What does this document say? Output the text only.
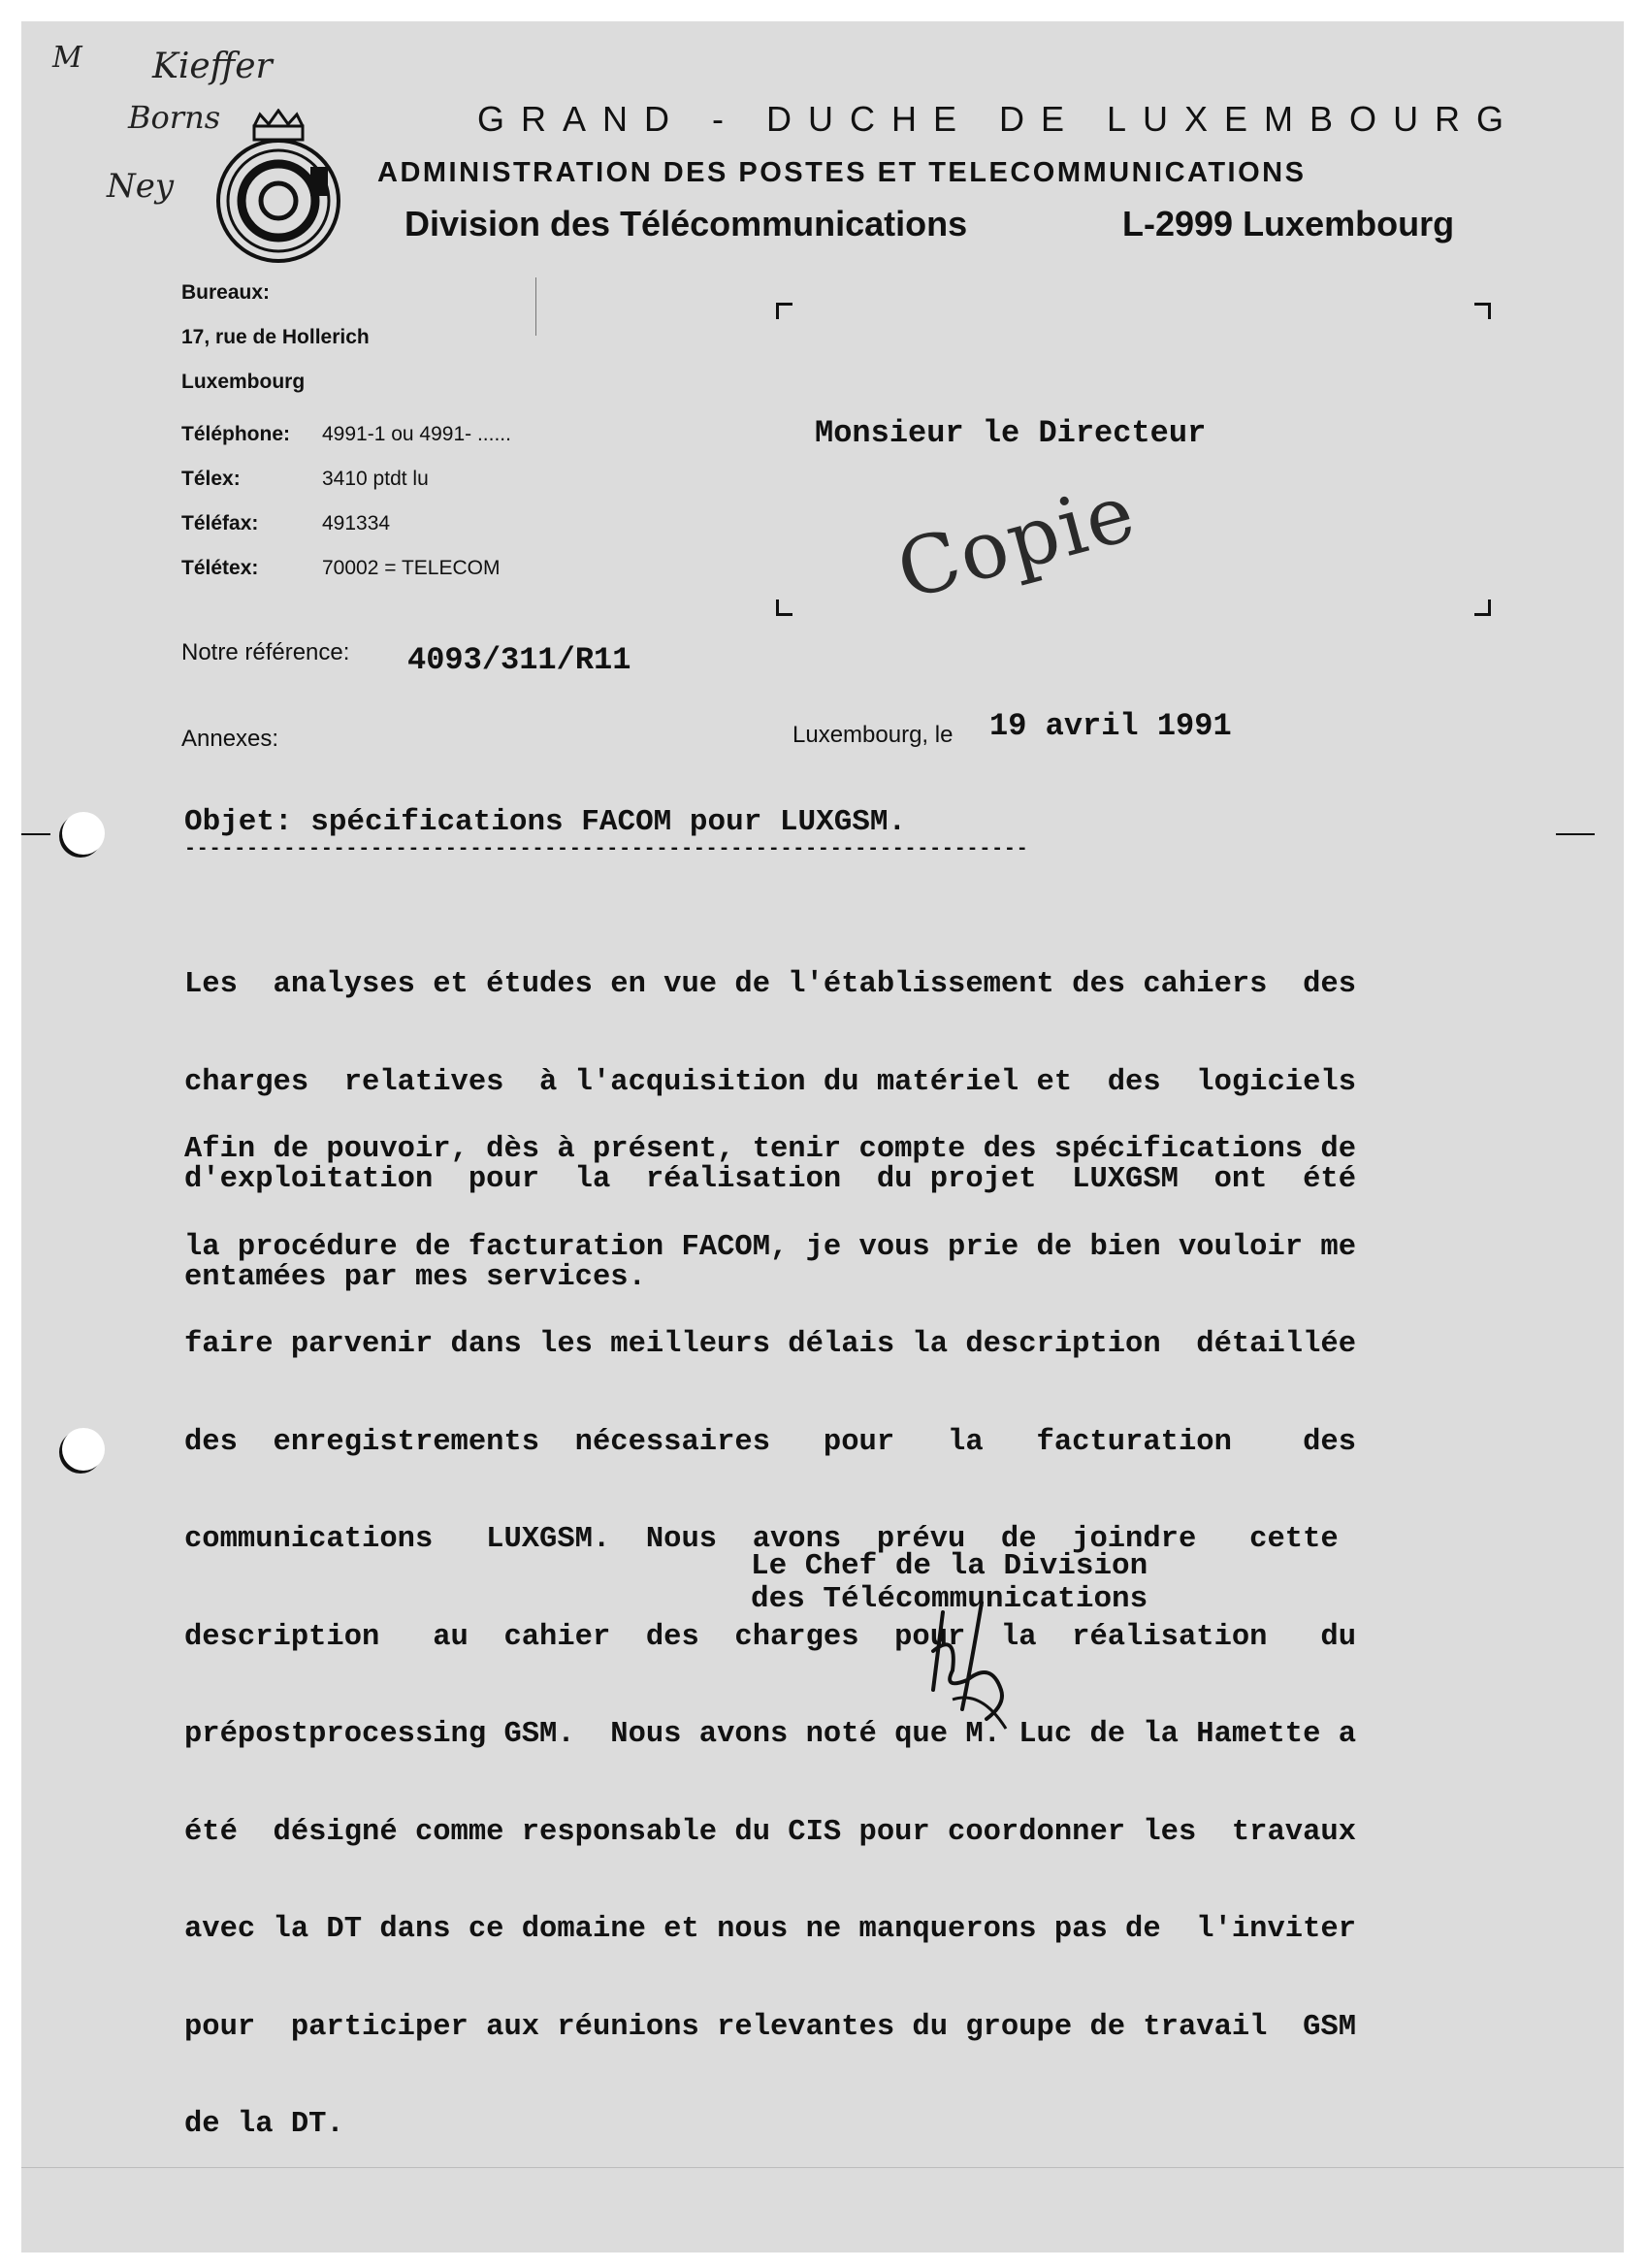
M Kieffer
Borns
Ney
GRAND - DUCHE DE LUXEMBOURG
ADMINISTRATION DES POSTES ET TELECOMMUNICATIONS
Division des Télécommunications	L-2999 Luxembourg
Bureaux:
17, rue de Hollerich
Luxembourg
Téléphone: 4991-1 ou 4991- ......
Télex:	3410 ptdt lu
Téléfax:	491334
Télétex:	70002 = TELECOM
Monsieur le Directeur
Copie
Notre référence: 4093/311/R11
Annexes:	Luxembourg, le 19 avril 1991
Objet: spécifications FACOM pour LUXGSM.
--------------------------------------------------------------------

Les  analyses et études en vue de l'établissement des cahiers  des

charges  relatives  à l'acquisition du matériel et  des  logiciels

d'exploitation  pour  la  réalisation  du projet  LUXGSM  ont  été

entamées par mes services.

Afin de pouvoir, dès à présent, tenir compte des spécifications de

la procédure de facturation FACOM, je vous prie de bien vouloir me

faire parvenir dans les meilleurs délais la description  détaillée

des  enregistrements  nécessaires   pour   la   facturation    des

communications   LUXGSM.  Nous  avons  prévu  de  joindre   cette

description   au  cahier  des  charges  pour  la  réalisation   du

prépostprocessing GSM.  Nous avons noté que M. Luc de la Hamette a

été  désigné comme responsable du CIS pour coordonner les  travaux

avec la DT dans ce domaine et nous ne manquerons pas de  l'inviter

pour  participer aux réunions relevantes du groupe de travail  GSM

de la DT.

Le Chef de la Division
des Télécommunications
